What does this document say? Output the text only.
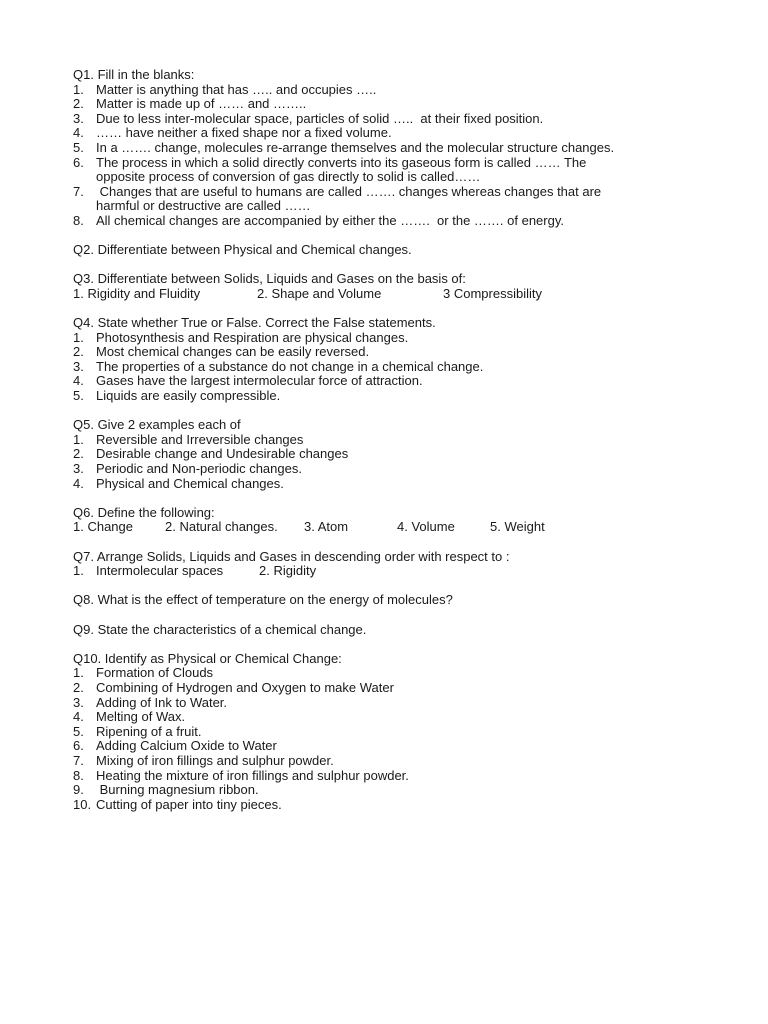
Q1. Fill in the blanks:

1. Matter is anything that has ….. and occupies …..
2. Matter is made up of …… and ……..
3. Due to less inter-molecular space, particles of solid …..  at their fixed position.
4. …… have neither a fixed shape nor a fixed volume.
5. In a ……. change, molecules re-arrange themselves and the molecular structure changes.
6. The process in which a solid directly converts into its gaseous form is called …… The
opposite process of conversion of gas directly to solid is called……
7.	Changes that are useful to humans are called ……. changes whereas changes that are
harmful or destructive are called ……
8. All chemical changes are accompanied by either the …….  or the ……. of energy.

Q2. Differentiate between Physical and Chemical changes.

Q3. Differentiate between Solids, Liquids and Gases on the basis of:

1. Rigidity and Fluidity	2. Shape and Volume	3 Compressibility

Q4. State whether True or False. Correct the False statements.

1. Photosynthesis and Respiration are physical changes.
2. Most chemical changes can be easily reversed.
3. The properties of a substance do not change in a chemical change.
4. Gases have the largest intermolecular force of attraction.
5. Liquids are easily compressible.

Q5. Give 2 examples each of

1. Reversible and Irreversible changes
2. Desirable change and Undesirable changes
3. Periodic and Non-periodic changes.
4. Physical and Chemical changes.

Q6. Define the following:

1. Change	2. Natural changes.	3. Atom	4. Volume	5. Weight

Q7. Arrange Solids, Liquids and Gases in descending order with respect to :

1. Intermolecular spaces	2. Rigidity

Q8. What is the effect of temperature on the energy of molecules?

Q9. State the characteristics of a chemical change.

Q10. Identify as Physical or Chemical Change:

1. Formation of Clouds
2. Combining of Hydrogen and Oxygen to make Water
3. Adding of Ink to Water.
4. Melting of Wax.
5. Ripening of a fruit.
6. Adding Calcium Oxide to Water
7. Mixing of iron fillings and sulphur powder.
8. Heating the mixture of iron fillings and sulphur powder.
9. Burning magnesium ribbon.
10. Cutting of paper into tiny pieces.
